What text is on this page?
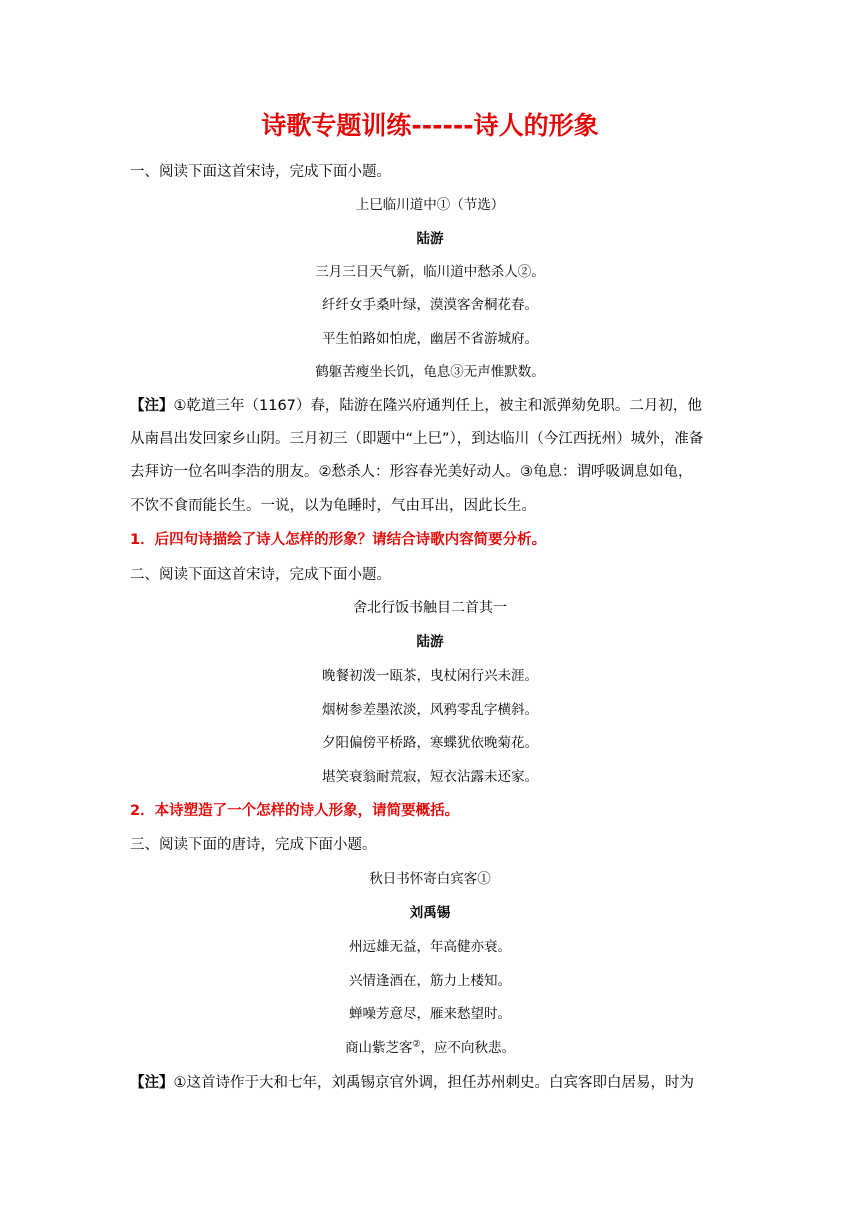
诗歌专题训练------诗人的形象
一、阅读下面这首宋诗，完成下面小题。
上巳临川道中①（节选）
陆游
三月三日天气新，临川道中愁杀人②。
纤纤女手桑叶绿，漠漠客舍桐花春。
平生怕路如怕虎，幽居不省游城府。
鹤躯苦瘦坐长饥，龟息③无声惟默数。
【注】①乾道三年（1167）春，陆游在隆兴府通判任上，被主和派弹劾免职。二月初，他
从南昌出发回家乡山阴。三月初三（即题中“上巳”），到达临川（今江西抚州）城外，准备
去拜访一位名叫李浩的朋友。②愁杀人：形容春光美好动人。③龟息：谓呼吸调息如龟，
不饮不食而能长生。一说，以为龟睡时，气由耳出，因此长生。
1．后四句诗描绘了诗人怎样的形象？请结合诗歌内容简要分析。
二、阅读下面这首宋诗，完成下面小题。
舍北行饭书触目二首其一
陆游
晚餐初泼一瓯茶，曳杖闲行兴未涯。
烟树参差墨浓淡，风鸦零乱字横斜。
夕阳偏傍平桥路，寒蝶犹依晚菊花。
堪笑衰翁耐荒寂，短衣沾露未还家。
2．本诗塑造了一个怎样的诗人形象，请简要概括。
三、阅读下面的唐诗，完成下面小题。
秋日书怀寄白宾客①
刘禹锡
州远雄无益，年高健亦衰。
兴情逢酒在，筋力上楼知。
蝉噪芳意尽，雁来愁望时。
商山紫芝客②，应不向秋悲。
【注】①这首诗作于大和七年，刘禹锡京官外调，担任苏州刺史。白宾客即白居易，时为
